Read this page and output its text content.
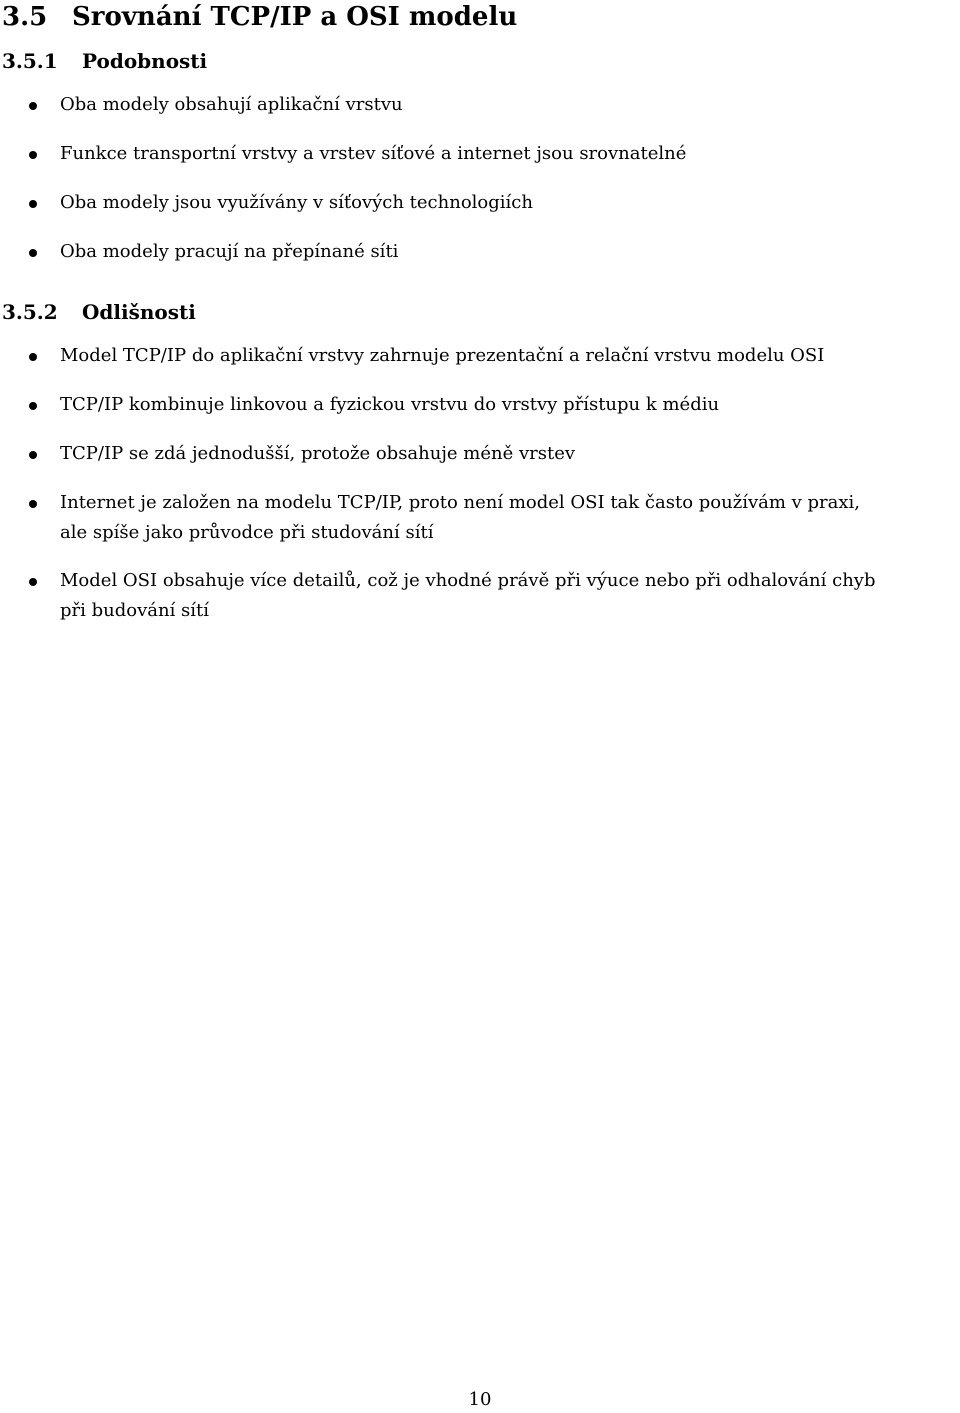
3.5 Srovnání TCP/IP a OSI modelu
3.5.1 Podobnosti
Oba modely obsahují aplikační vrstvu
Funkce transportní vrstvy a vrstev síťové a internet jsou srovnatelné
Oba modely jsou využívány v síťových technologiích
Oba modely pracují na přepínané síti
3.5.2 Odlišnosti
Model TCP/IP do aplikační vrstvy zahrnuje prezentační a relační vrstvu modelu OSI
TCP/IP kombinuje linkovou a fyzickou vrstvu do vrstvy přístupu k médiu
TCP/IP se zdá jednodušší, protože obsahuje méně vrstev
Internet je založen na modelu TCP/IP, proto není model OSI tak často používám v praxi,
ale spíše jako průvodce při studování sítí
Model OSI obsahuje více detailů, což je vhodné právě při výuce nebo při odhalování chyb
při budování sítí
10
